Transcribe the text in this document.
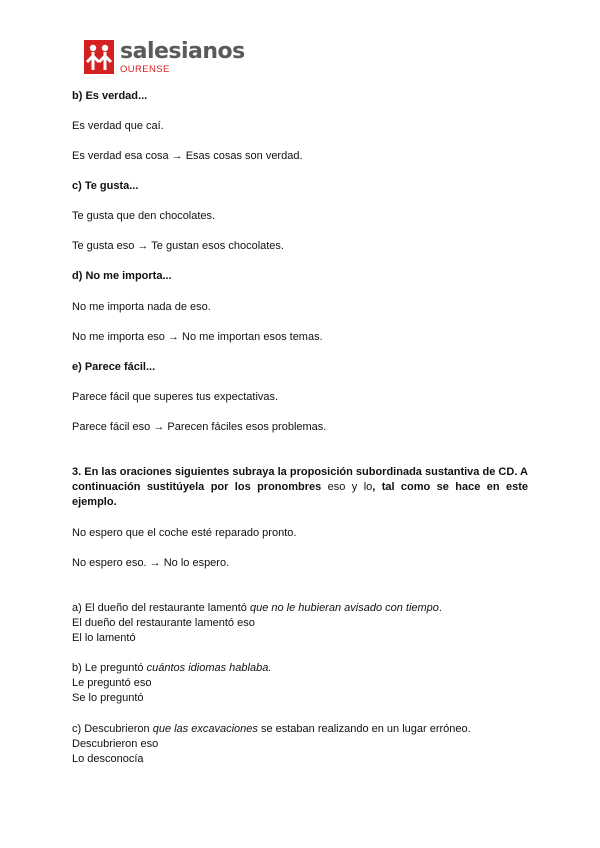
salesianos
OURENSE
b) Es verdad...
Es verdad que caí.
Es verdad esa cosa → Esas cosas son verdad.
c) Te gusta...
Te gusta que den chocolates.
Te gusta eso → Te gustan esos chocolates.
d) No me importa...
No me importa nada de eso.
No me importa eso → No me importan esos temas.
e) Parece fácil...
Parece fácil que superes tus expectativas.
Parece fácil eso → Parecen fáciles esos problemas.
3. En las oraciones siguientes subraya la proposición subordinada sustantiva de CD. A continuación sustitúyela por los pronombres eso y lo, tal como se hace en este ejemplo.
No espero que el coche esté reparado pronto.
No espero eso. → No lo espero.
a) El dueño del restaurante lamentó que no le hubieran avisado con tiempo.
El dueño del restaurante lamentó eso
El lo lamentó
b) Le preguntó cuántos idiomas hablaba.
Le preguntó eso
Se lo preguntó
c) Descubrieron que las excavaciones se estaban realizando en un lugar erróneo.
Descubrieron eso
Lo desconocía
